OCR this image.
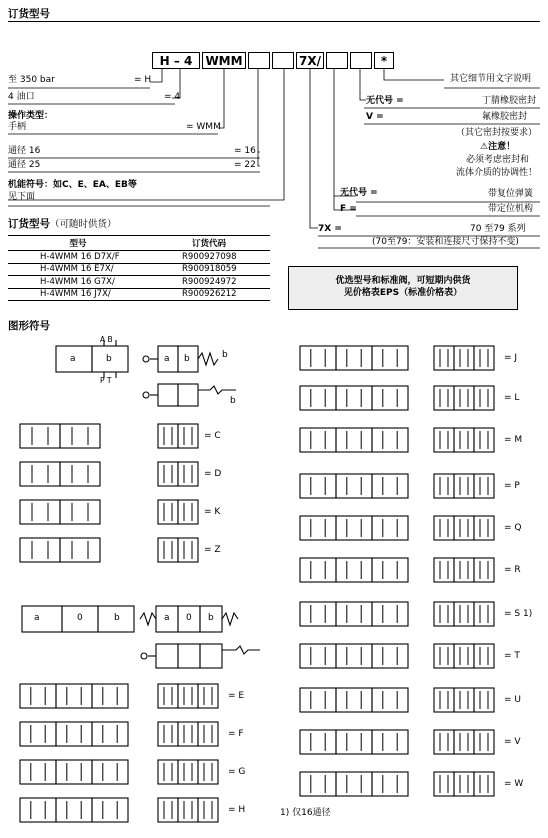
订货型号
H – 4	WMM	7X/	*
至 350 bar	= H
4 油口	= 4
操作类型：
手柄	= WMM
通径 16	= 16
通径 25	= 22
机能符号：如C、E、EA、EB等
见下面
其它细节用文字说明
无代号 =	丁腈橡胶密封
V =	氟橡胶密封
（其它密封按要求）
⚠注意！
必须考虑密封和
流体介质的协调性！
无代号 =	带复位弹簧
F =	带定位机构
7X =	70 至79 系列
(70至79：安装和连接尺寸保持不变)
订货型号（可随时供货）
型号	订货代码
H-4WMM 16 D7X/F	R900927098
H-4WMM 16 E7X/	R900918059
H-4WMM 16 G7X/	R900924972
H-4WMM 16 J7X/	R900926212
优选型号和标准阀，可短期内供货
见价格表EPS（标准价格表）
图形符号
A B
P T
a	b	a b	b
b
a	0	b	a 0 b
= C
= D
= K
= Z
= E
= F
= G
= H
= J
= L
= M
= P
= Q
= R
= S 1)
= T
= U
= V
= W
1) 仅16通径
